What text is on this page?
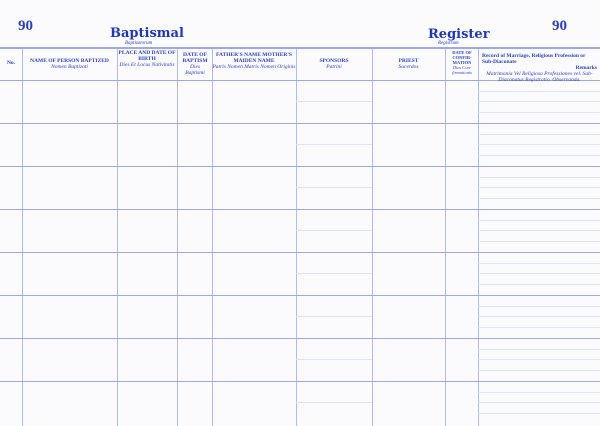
90	90
Baptismal
Baptizatorum
Register
Registrum
No.	NAME OF PERSON BAPTIZED
Nomen Baptizati
PLACE AND DATE OF BIRTH
Dies Et Locus Nativitatis
DATE OF BAPTISM
Dies Baptismi
FATHER'S NAME MOTHER'S MAIDEN NAME
Patris Nomen Matris Nomen Originis
SPONSORS
Patrini
PRIEST
Sacerdos
DATE OF CONFIR-MATION
Dies Con-firmationis
Record of Marriage, Religious Profession or Sub-Diaconate
Remarks
Matrimonia Vel Religiosa Professiones vel. Sub-Diaconatus Registratio. Observanda.
